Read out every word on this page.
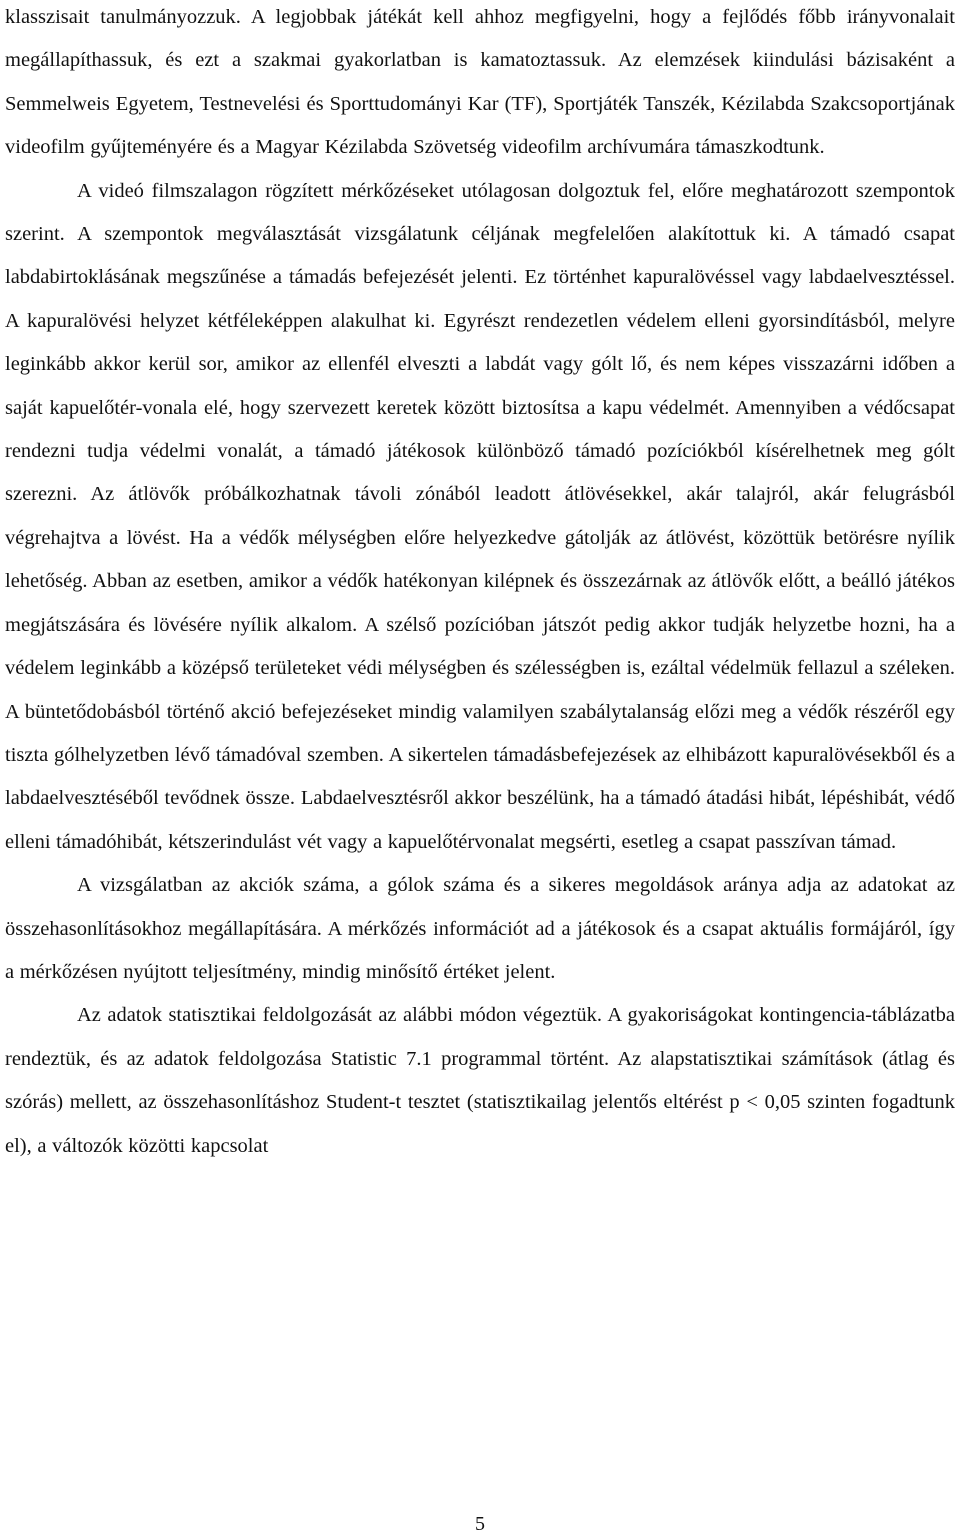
klasszisait tanulmányozzuk. A legjobbak játékát kell ahhoz megfigyelni, hogy a fejlődés főbb irányvonalait megállapíthassuk, és ezt a szakmai gyakorlatban is kamatoztassuk. Az elemzések kiindulási bázisaként a Semmelweis Egyetem, Testnevelési és Sporttudományi Kar (TF), Sportjáték Tanszék, Kézilabda Szakcsoportjának videofilm gyűjteményére és a Magyar Kézilabda Szövetség videofilm archívumára támaszkodtunk.

A videó filmszalagon rögzített mérkőzéseket utólagosan dolgoztuk fel, előre meghatározott szempontok szerint. A szempontok megválasztását vizsgálatunk céljának megfelelően alakítottuk ki. A támadó csapat labdabirtoklásának megszűnése a támadás befejezését jelenti. Ez történhet kapuralövéssel vagy labdaelvesztéssel. A kapuralövési helyzet kétféleképpen alakulhat ki. Egyrészt rendezetlen védelem elleni gyorsindításból, melyre leginkább akkor kerül sor, amikor az ellenfél elveszti a labdát vagy gólt lő, és nem képes visszazárni időben a saját kapuelőtér-vonala elé, hogy szervezett keretek között biztosítsa a kapu védelmét. Amennyiben a védőcsapat rendezni tudja védelmi vonalát, a támadó játékosok különböző támadó pozíciókból kísérelhetnek meg gólt szerezni. Az átlövők próbálkozhatnak távoli zónából leadott átlövésekkel, akár talajról, akár felugrásból végrehajtva a lövést. Ha a védők mélységben előre helyezkedve gátolják az átlövést, közöttük betörésre nyílik lehetőség. Abban az esetben, amikor a védők hatékonyan kilépnek és összezárnak az átlövők előtt, a beálló játékos megjátszására és lövésére nyílik alkalom. A szélső pozícióban játszót pedig akkor tudják helyzetbe hozni, ha a védelem leginkább a középső területeket védi mélységben és szélességben is, ezáltal védelmük fellazul a széleken. A büntetődobásból történő akció befejezéseket mindig valamilyen szabálytalanság előzi meg a védők részéről egy tiszta gólhelyzetben lévő támadóval szemben. A sikertelen támadásbefejezések az elhibázott kapuralövésekből és a labdaelvesztéséből tevődnek össze. Labdaelvesztésről akkor beszélünk, ha a támadó átadási hibát, lépéshibát, védő elleni támadóhibát, kétszerindulást vét vagy a kapuelőtérvonalat megsérti, esetleg a csapat passzívan támad.

A vizsgálatban az akciók száma, a gólok száma és a sikeres megoldások aránya adja az adatokat az összehasonlításokhoz megállapítására. A mérkőzés információt ad a játékosok és a csapat aktuális formájáról, így a mérkőzésen nyújtott teljesítmény, mindig minősítő értéket jelent.

Az adatok statisztikai feldolgozását az alábbi módon végeztük. A gyakoriságokat kontingencia-táblázatba rendeztük, és az adatok feldolgozása Statistic 7.1 programmal történt. Az alapstatisztikai számítások (átlag és szórás) mellett, az összehasonlításhoz Student-t tesztet (statisztikailag jelentős eltérést p < 0,05 szinten fogadtunk el), a változók közötti kapcsolat

5
